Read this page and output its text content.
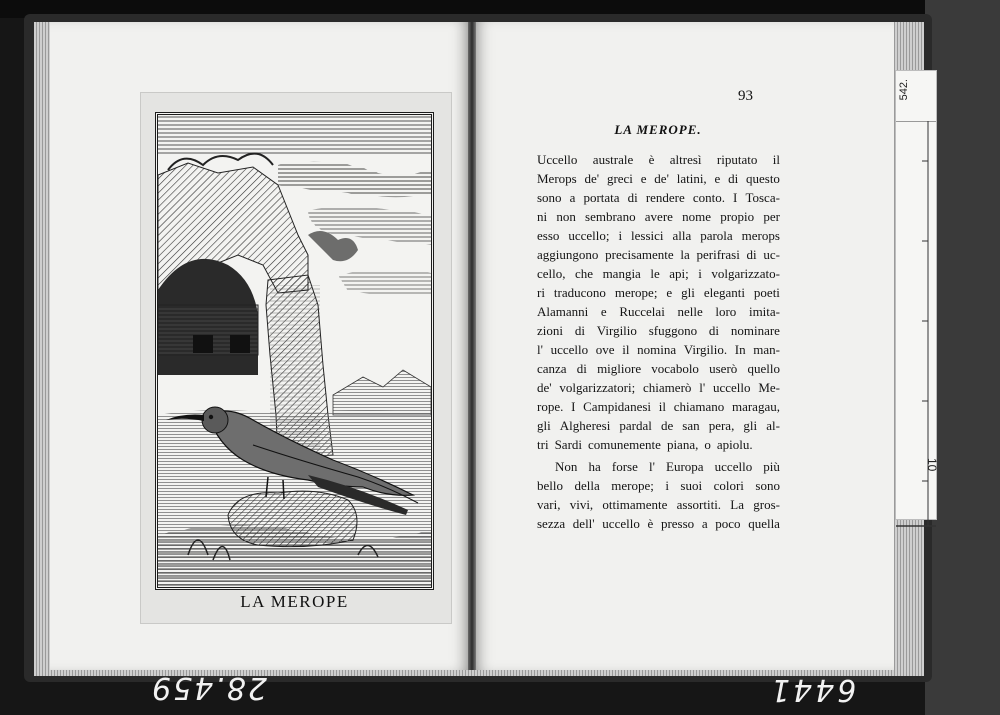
LA MEROPE
93
LA MEROPE.
Uccello australe è altresì riputato il
Merops de' greci e de' latini, e di questo
sono a portata di rendere conto. I Tosca-
ni non sembrano avere nome propio per
esso uccello; i lessici alla parola merops
aggiungono precisamente la perifrasi di uc-
cello, che mangia le api; i volgarizzato-
ri traducono merope; e gli eleganti poeti
Alamanni e Ruccelai nelle loro imita-
zioni di Virgilio sfuggono di nominare
l' uccello ove il nomina Virgilio. In man-
canza di migliore vocabolo userò quello
de' volgarizzatori; chiamerò l' uccello Me-
rope. I Campidanesi il chiamano maragau,
gli Algheresi pardal de san pera, gli al-
tri Sardi comunemente piana, o apiolu.
Non ha forse l' Europa uccello più
bello della merope; i suoi colori sono
vari, vivi, ottimamente assortiti. La gros-
sezza dell' uccello è presso a poco quella
542.
10
28.459	6441
